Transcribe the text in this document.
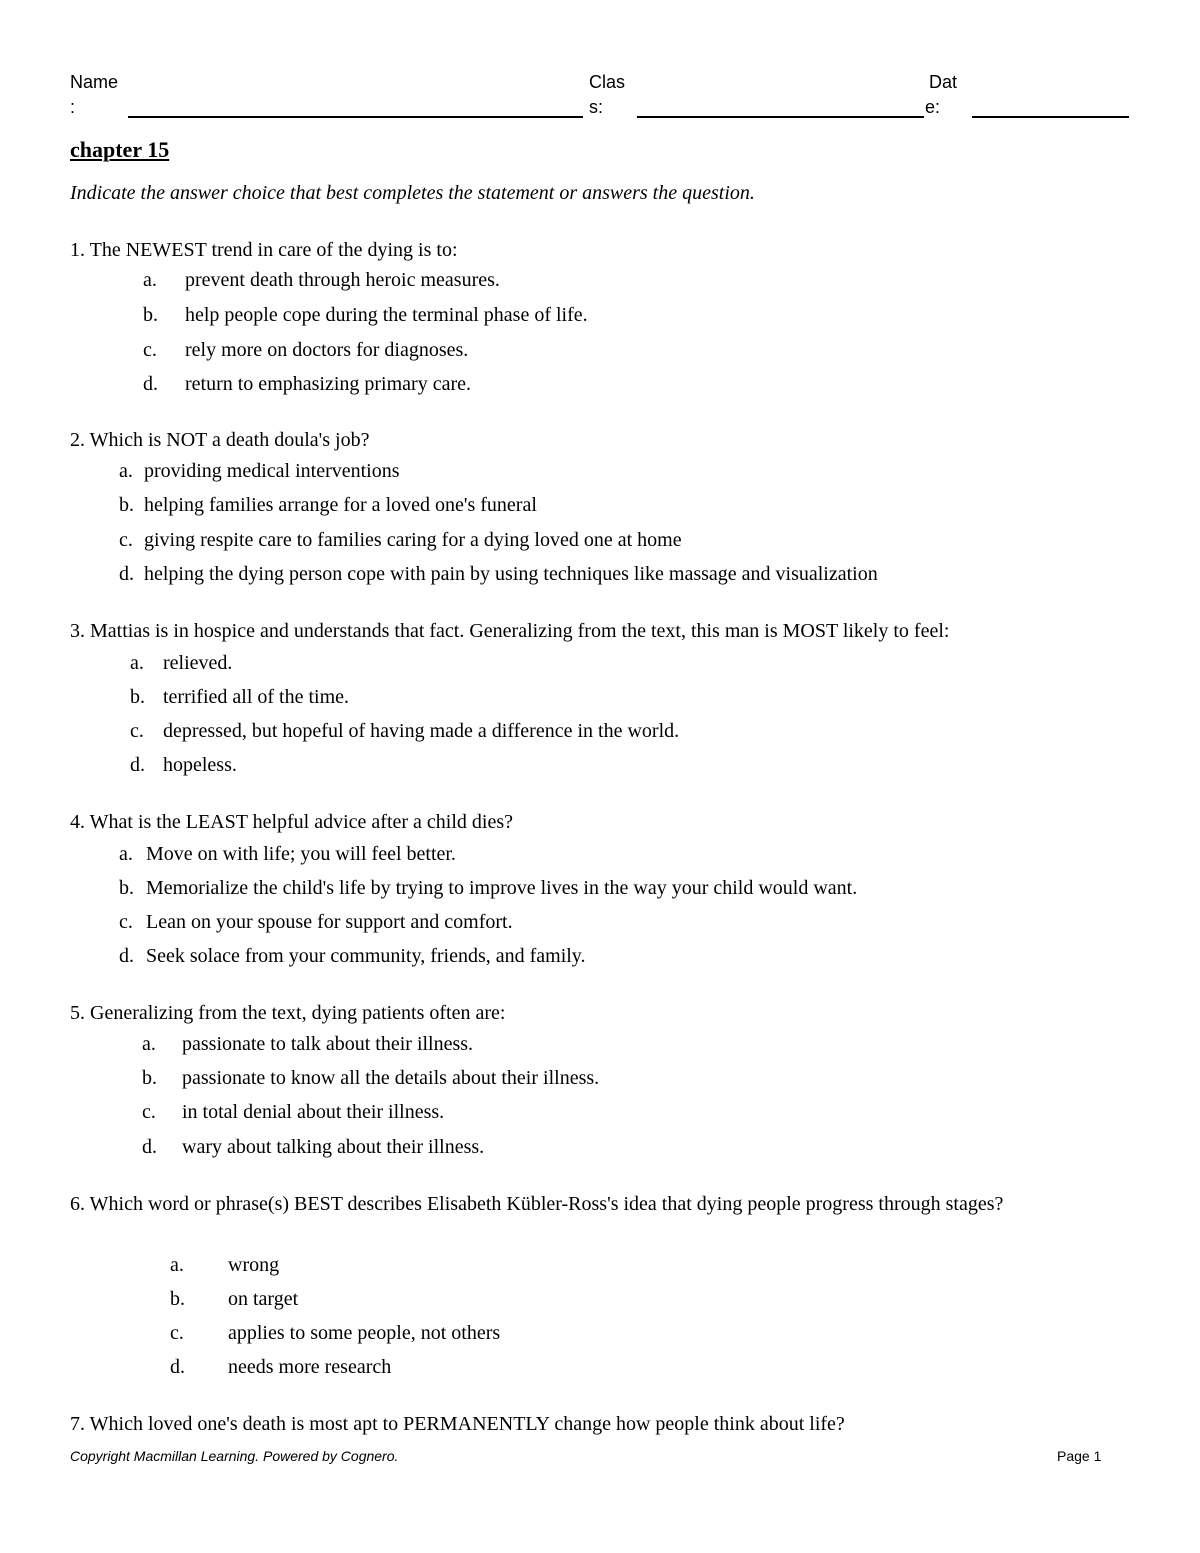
Name
:
Clas
s:
Dat
e:
chapter 15
Indicate the answer choice that best completes the statement or answers the question.
1. The NEWEST trend in care of the dying is to:
a. prevent death through heroic measures.
b. help people cope during the terminal phase of life.
c. rely more on doctors for diagnoses.
d. return to emphasizing primary care.
2. Which is NOT a death doula's job?
a. providing medical interventions
b. helping families arrange for a loved one's funeral
c. giving respite care to families caring for a dying loved one at home
d. helping the dying person cope with pain by using techniques like massage and visualization
3. Mattias is in hospice and understands that fact. Generalizing from the text, this man is MOST likely to feel:
a. relieved.
b. terrified all of the time.
c. depressed, but hopeful of having made a difference in the world.
d. hopeless.
4. What is the LEAST helpful advice after a child dies?
a. Move on with life; you will feel better.
b. Memorialize the child's life by trying to improve lives in the way your child would want.
c. Lean on your spouse for support and comfort.
d. Seek solace from your community, friends, and family.
5. Generalizing from the text, dying patients often are:
a. passionate to talk about their illness.
b. passionate to know all the details about their illness.
c. in total denial about their illness.
d. wary about talking about their illness.
6. Which word or phrase(s) BEST describes Elisabeth Kübler-Ross's idea that dying people progress through stages?
a. wrong
b. on target
c. applies to some people, not others
d. needs more research
7. Which loved one's death is most apt to PERMANENTLY change how people think about life?
Copyright Macmillan Learning. Powered by Cognero.	Page 1
